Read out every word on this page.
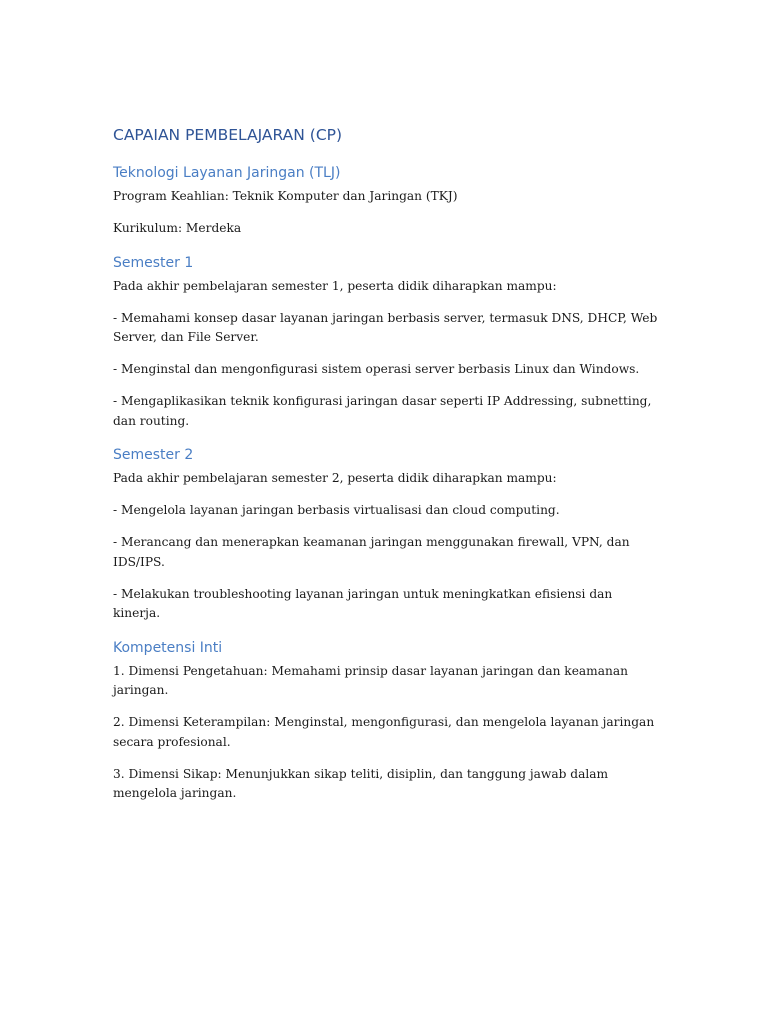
CAPAIAN PEMBELAJARAN (CP)
Teknologi Layanan Jaringan (TLJ)

Program Keahlian: Teknik Komputer dan Jaringan (TKJ)

Kurikulum: Merdeka

Semester 1

Pada akhir pembelajaran semester 1, peserta didik diharapkan mampu:

- Memahami konsep dasar layanan jaringan berbasis server, termasuk DNS, DHCP, Web Server, dan File Server.

- Menginstal dan mengonfigurasi sistem operasi server berbasis Linux dan Windows.

- Mengaplikasikan teknik konfigurasi jaringan dasar seperti IP Addressing, subnetting, dan routing.

Semester 2

Pada akhir pembelajaran semester 2, peserta didik diharapkan mampu:

- Mengelola layanan jaringan berbasis virtualisasi dan cloud computing.

- Merancang dan menerapkan keamanan jaringan menggunakan firewall, VPN, dan IDS/IPS.

- Melakukan troubleshooting layanan jaringan untuk meningkatkan efisiensi dan kinerja.

Kompetensi Inti

1. Dimensi Pengetahuan: Memahami prinsip dasar layanan jaringan dan keamanan jaringan.

2. Dimensi Keterampilan: Menginstal, mengonfigurasi, dan mengelola layanan jaringan secara profesional.

3. Dimensi Sikap: Menunjukkan sikap teliti, disiplin, dan tanggung jawab dalam mengelola jaringan.
